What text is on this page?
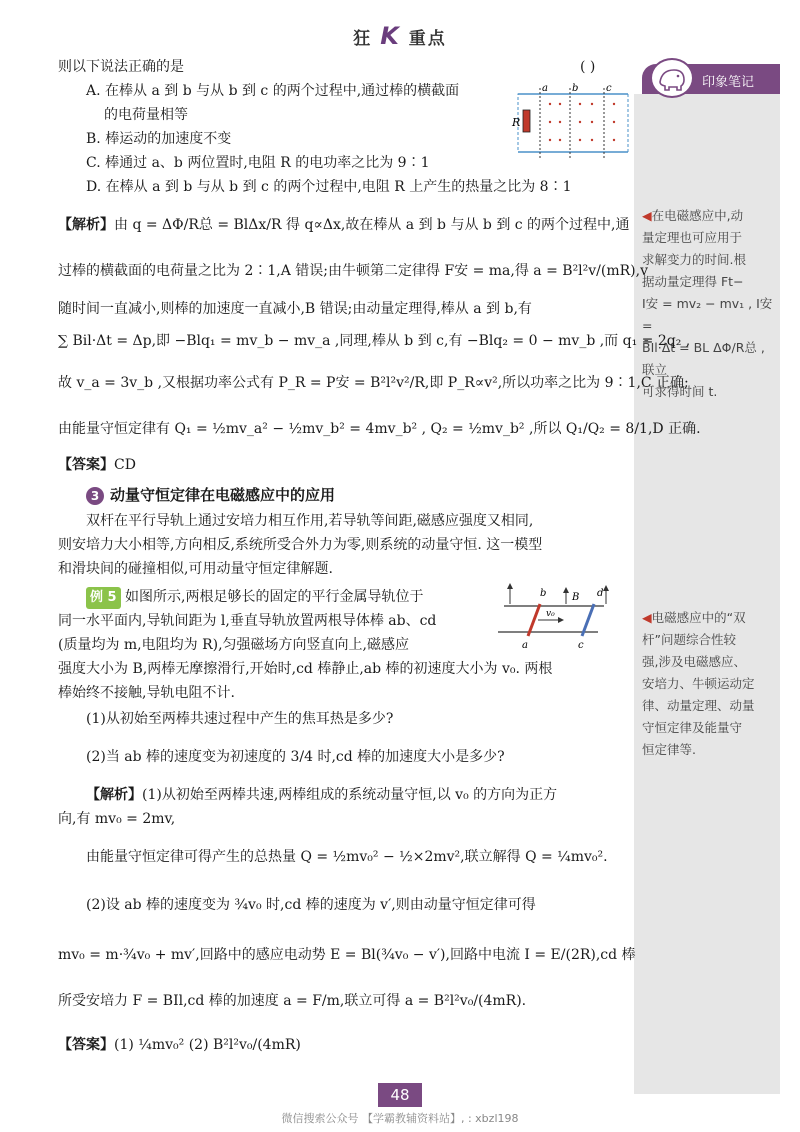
狂 K 重点
印象笔记
◀在电磁感应中,动
量定理也可应用于
求解变力的时间.根
据动量定理得 Ft−
I安 = mv₂ − mv₁ , I安 =
B̄Il·Δt = BL ΔΦ/R总 ,联立
可求得时间 t.
◀电磁感应中的“双
杆”问题综合性较
强,涉及电磁感应、
安培力、牛顿运动定
律、动量定理、动量
守恒定律及能量守
恒定律等.
则以下说法正确的是	( )
A. 在棒从 a 到 b 与从 b 到 c 的两个过程中,通过棒的横截面
的电荷量相等
B. 棒运动的加速度不变
C. 棒通过 a、b 两位置时,电阻 R 的电功率之比为 9∶1
D. 在棒从 a 到 b 与从 b 到 c 的两个过程中,电阻 R 上产生的热量之比为 8∶1
R
a b	c
【解析】由 q = ΔΦ/R总 = BlΔx/R 得 q∝Δx,故在棒从 a 到 b 与从 b 到 c 的两个过程中,通
过棒的横截面的电荷量之比为 2∶1,A 错误;由牛顿第二定律得 F安 = ma,得 a = B²l²v/(mR),v
随时间一直减小,则棒的加速度一直减小,B 错误;由动量定理得,棒从 a 到 b,有
∑ Bil·Δt = Δp,即 −Blq₁ = mv_b − mv_a ,同理,棒从 b 到 c,有 −Blq₂ = 0 − mv_b ,而 q₁ = 2q₂ ,
故 v_a = 3v_b ,又根据功率公式有 P_R = P安 = B²l²v²/R,即 P_R∝v²,所以功率之比为 9∶1,C 正确;
由能量守恒定律有 Q₁ = ½mv_a² − ½mv_b² = 4mv_b² , Q₂ = ½mv_b² ,所以 Q₁/Q₂ = 8/1,D 正确.
【答案】CD
3 动量守恒定律在电磁感应中的应用
双杆在平行导轨上通过安培力相互作用,若导轨等间距,磁感应强度又相同,
则安培力大小相等,方向相反,系统所受合外力为零,则系统的动量守恒. 这一模型
和滑块间的碰撞相似,可用动量守恒定律解题.
例 5 如图所示,两根足够长的固定的平行金属导轨位于
同一水平面内,导轨间距为 l,垂直导轨放置两根导体棒 ab、cd
(质量均为 m,电阻均为 R),匀强磁场方向竖直向上,磁感应
强度大小为 B,两棒无摩擦滑行,开始时,cd 棒静止,ab 棒的初速度大小为 v₀. 两根
棒始终不接触,导轨电阻不计.
v₀
B
b	d
a	c
(1)从初始至两棒共速过程中产生的焦耳热是多少?
(2)当 ab 棒的速度变为初速度的 3/4 时,cd 棒的加速度大小是多少?
【解析】(1)从初始至两棒共速,两棒组成的系统动量守恒,以 v₀ 的方向为正方
向,有 mv₀ = 2mv,
由能量守恒定律可得产生的总热量 Q = ½mv₀² − ½×2mv²,联立解得 Q = ¼mv₀².
(2)设 ab 棒的速度变为 ¾v₀ 时,cd 棒的速度为 v′,则由动量守恒定律可得
mv₀ = m·¾v₀ + mv′,回路中的感应电动势 E = Bl(¾v₀ − v′),回路中电流 I = E/(2R),cd 棒
所受安培力 F = BIl,cd 棒的加速度 a = F/m,联立可得 a = B²l²v₀/(4mR).
【答案】(1) ¼mv₀² (2) B²l²v₀/(4mR)
48
微信搜索公众号 【学霸教辅资料站】, : xbzl198
